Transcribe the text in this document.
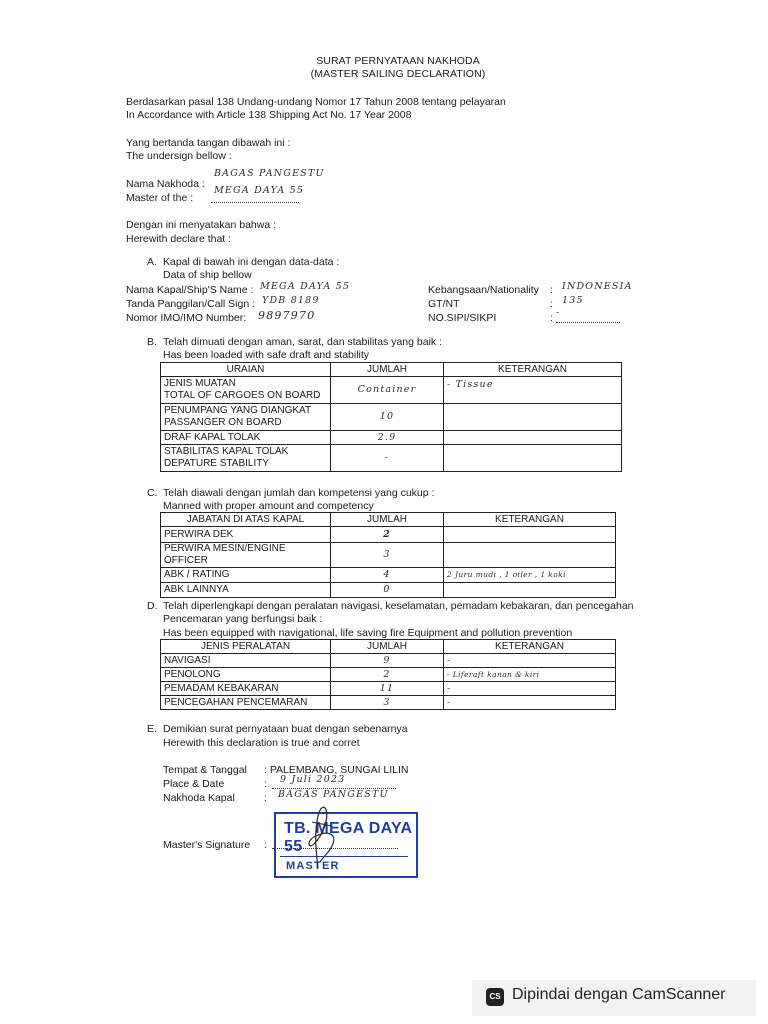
SURAT PERNYATAAN NAKHODA
(MASTER SAILING DECLARATION)
Berdasarkan pasal 138 Undang-undang Nomor 17 Tahun 2008 tentang pelayaran
In Accordance with Article 138 Shipping Act No. 17 Year 2008
Yang bertanda tangan dibawah ini :
The undersign bellow :
Nama Nakhoda :
BAGAS PANGESTU
Master of the :
MEGA DAYA 55
Dengan ini menyatakan bahwa :
Herewith declare that :
A. Kapal di bawah ini dengan data-data :
Data of ship bellow
Nama Kapal/Ship'S Name : MEGA DAYA 55
Tanda Panggilan/Call Sign : YDB 8189
Nomor IMO/IMO Number: 9897970
Kebangsaan/Nationality : INDONESIA
GT/NT	: 135
NO.SIPI/SIKPI	: -
B. Telah dimuati dengan aman, sarat, dan stabilitas yang baik :
Has been loaded with safe draft and stability
URAIAN	JUMLAH	KETERANGAN
JENIS MUATAN
TOTAL OF CARGOES ON BOARD	Container	- Tissue
PENUMPANG YANG DIANGKAT
PASSANGER ON BOARD	10	
DRAF KAPAL TOLAK	2.9	
STABILITAS KAPAL TOLAK
DEPATURE STABILITY	-	
C. Telah diawali dengan jumlah dan kompetensi yang cukup :
Manned with proper amount and competency
JABATAN DI ATAS KAPAL	JUMLAH	KETERANGAN
PERWIRA DEK	2	
PERWIRA MESIN/ENGINE OFFICER	3	
ABK / RATING	4	2 Juru mudi , 1 oiler , 1 koki
ABK LAINNYA	0	
D. Telah diperlengkapi dengan peralatan navigasi, keselamatan, pemadam kebakaran, dan pencegahan
Pencemaran yang berfungsi baik :
Has been equipped with navigational, life saving fire Equipment and pollution prevention
JENIS PERALATAN	JUMLAH	KETERANGAN
NAVIGASI	9	-
PENOLONG	2	- Liferaft kanan & kiri
PEMADAM KEBAKARAN	11	-
PENCEGAHAN PENCEMARAN	3	-
E. Demikian surat pernyataan buat dengan sebenarnya
Herewith this declaration is true and corret
Tempat & Tanggal : PALEMBANG, SUNGAI LILIN
Place & Date	: 9 Juli 2023
Nakhoda Kapal	: BAGAS PANGESTU
Master's Signature :
TB. MEGA DAYA 55
MASTER
CS Dipindai dengan CamScanner
